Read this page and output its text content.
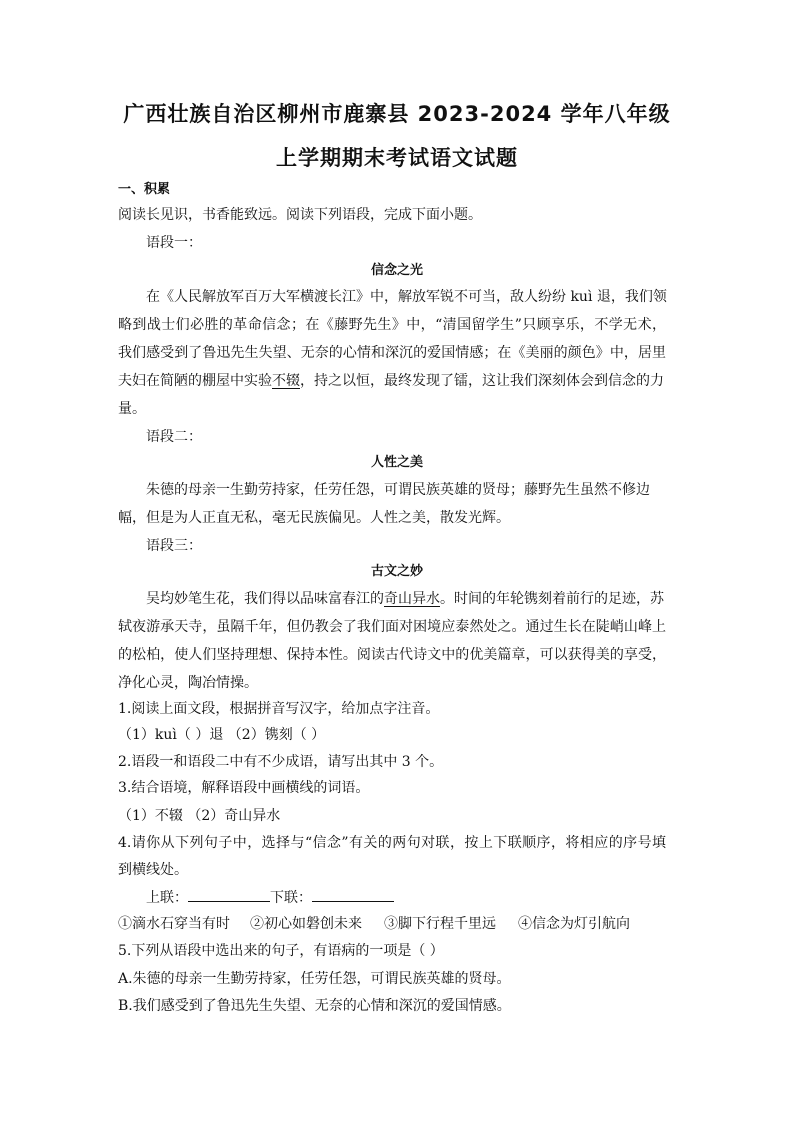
广西壮族自治区柳州市鹿寨县 2023-2024 学年八年级
上学期期末考试语文试题
一、积累
阅读长见识，书香能致远。阅读下列语段，完成下面小题。
语段一：
信念之光
在《人民解放军百万大军横渡长江》中，解放军锐不可当，敌人纷纷 kuì 退，我们领
略到战士们必胜的革命信念；在《藤野先生》中，“清国留学生”只顾享乐，不学无术，
我们感受到了鲁迅先生失望、无奈的心情和深沉的爱国情感；在《美丽的颜色》中，居里
夫妇在简陋的棚屋中实验不辍，持之以恒，最终发现了镭，这让我们深刻体会到信念的力
量。
语段二：
人性之美
朱德的母亲一生勤劳持家，任劳任怨，可谓民族英雄的贤母；藤野先生虽然不修边
幅，但是为人正直无私，毫无民族偏见。人性之美，散发光辉。
语段三：
古文之妙
吴均妙笔生花，我们得以品味富春江的奇山异水。时间的年轮镌刻着前行的足迹，苏
轼夜游承天寺，虽隔千年，但仍教会了我们面对困境应泰然处之。通过生长在陡峭山峰上
的松柏，使人们坚持理想、保持本性。阅读古代诗文中的优美篇章，可以获得美的享受，
净化心灵，陶冶情操。
1.阅读上面文段，根据拼音写汉字，给加点字注音。
（1）kuì（ ）退 （2）镌刻（ ）
2.语段一和语段二中有不少成语，请写出其中 3 个。
3.结合语境，解释语段中画横线的词语。
（1）不辍 （2）奇山异水
4.请你从下列句子中，选择与“信念”有关的两句对联，按上下联顺序，将相应的序号填
到横线处。
上联：	下联：
①滴水石穿当有时 ②初心如磐创未来 ③脚下行程千里远 ④信念为灯引航向
5.下列从语段中选出来的句子，有语病的一项是（ ）
A.朱德的母亲一生勤劳持家，任劳任怨，可谓民族英雄的贤母。
B.我们感受到了鲁迅先生失望、无奈的心情和深沉的爱国情感。
